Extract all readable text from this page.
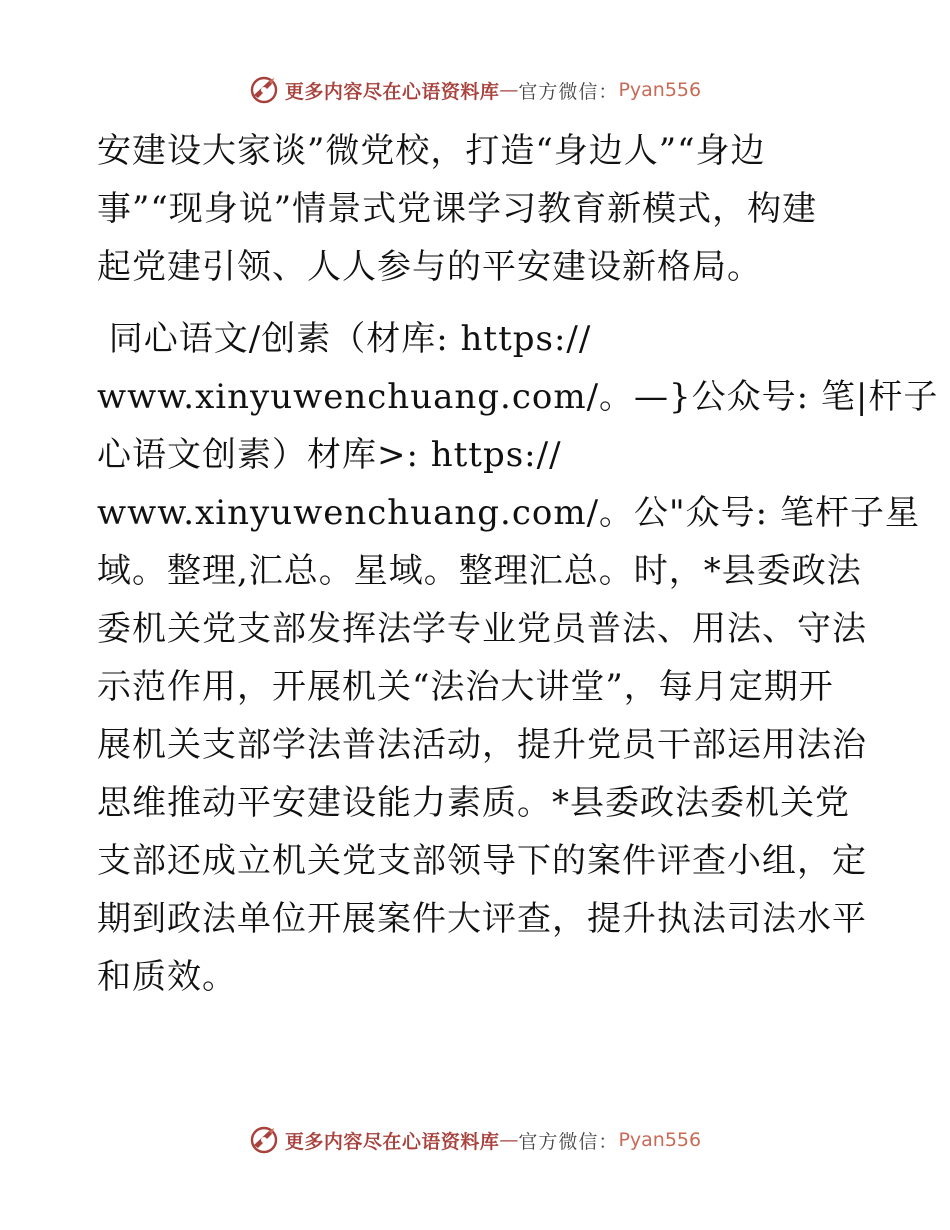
更多内容尽在心语资料库 — 官方微信： Pyan556

安建设大家谈”微党校，打造“身边人”“身边
事”“现身说”情景式党课学习教育新模式，构建
起党建引领、人人参与的平安建设新格局。

同心语文/创素（材库: https://
www.xinyuwenchuang.com/。—}公众号: 笔|杆子
心语文创素）材库>: https://
www.xinyuwenchuang.com/。公"众号: 笔杆子星
域。整理,汇总。星域。整理汇总。时，*县委政法
委机关党支部发挥法学专业党员普法、用法、守法
示范作用，开展机关“法治大讲堂”，每月定期开
展机关支部学法普法活动，提升党员干部运用法治
思维推动平安建设能力素质。*县委政法委机关党
支部还成立机关党支部领导下的案件评查小组，定
期到政法单位开展案件大评查，提升执法司法水平
和质效。

更多内容尽在心语资料库 — 官方微信： Pyan556
